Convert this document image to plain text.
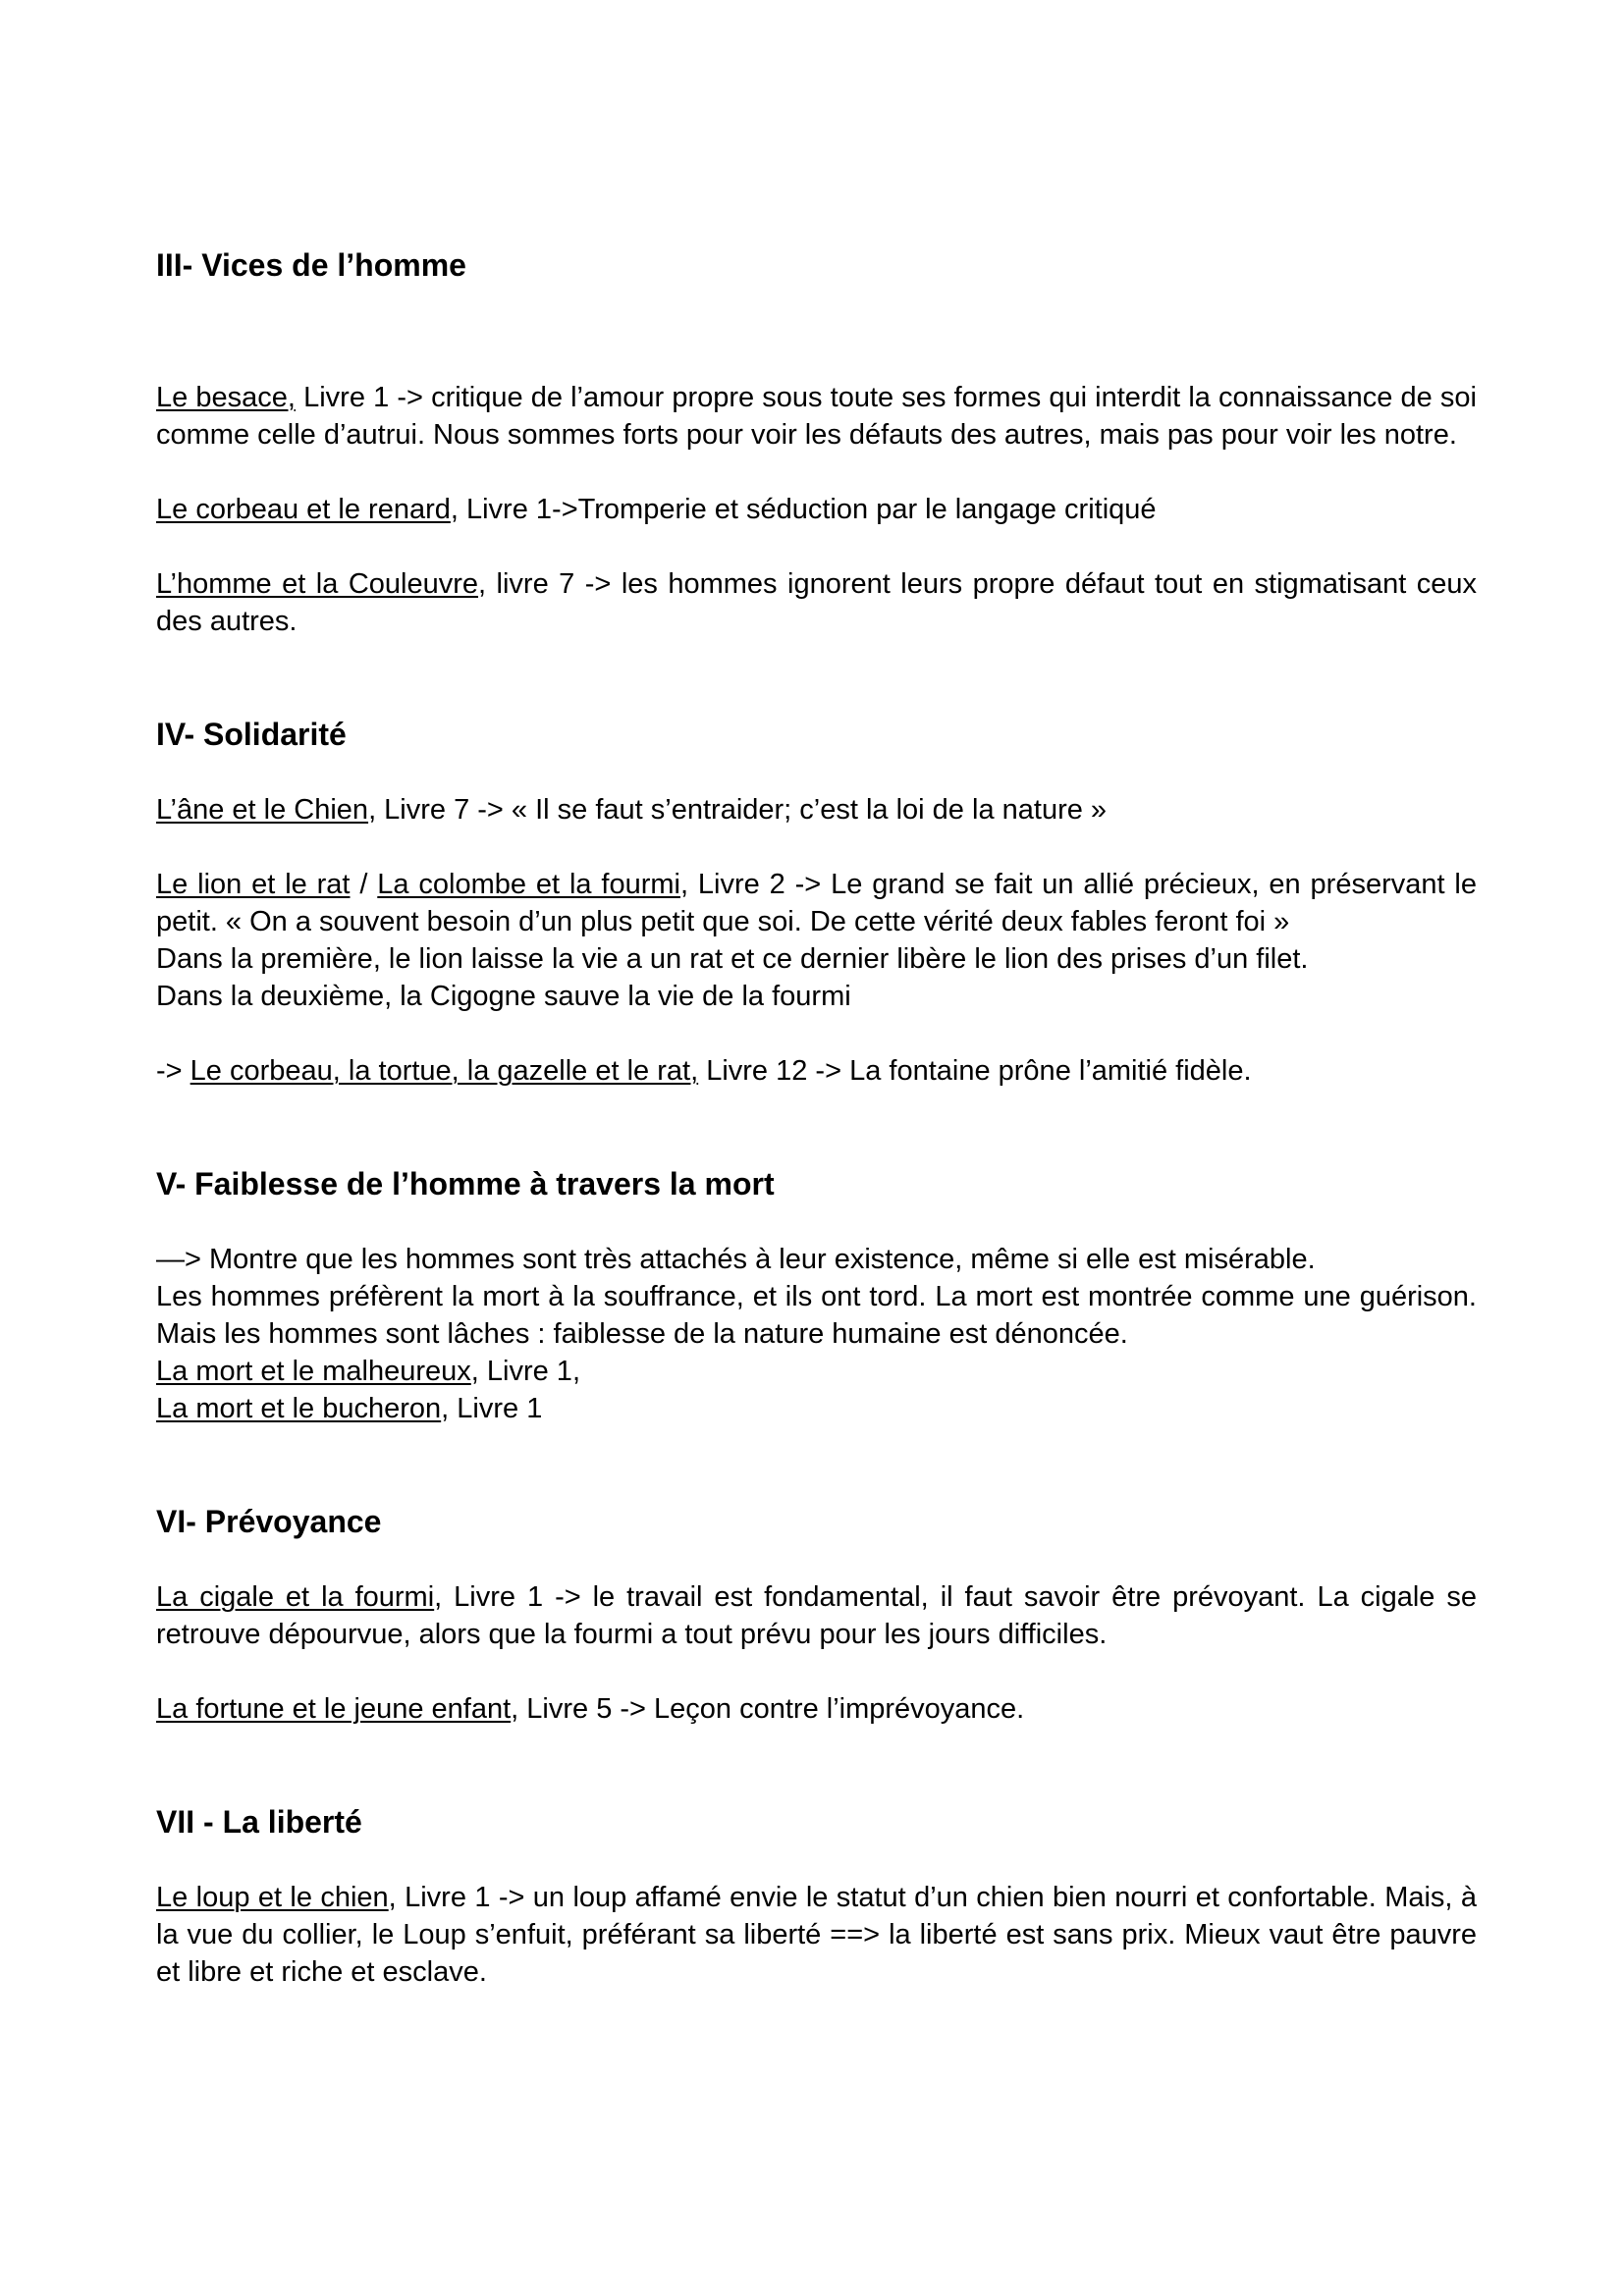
III- Vices de l’homme

Le besace, Livre 1 -> critique de l’amour propre sous toute ses formes qui interdit la connaissance de soi comme celle d’autrui. Nous sommes forts pour voir les défauts des autres, mais pas pour voir les notre.

Le corbeau et le renard, Livre 1->Tromperie et séduction par le langage critiqué

L’homme et la Couleuvre, livre 7 -> les hommes ignorent leurs propre défaut tout en stigmatisant ceux des autres.

IV- Solidarité

L’âne et le Chien, Livre 7 -> « Il se faut s’entraider; c’est la loi de la nature »

Le lion et le rat / La colombe et la fourmi, Livre 2 -> Le grand se fait un allié précieux, en préservant le petit. « On a souvent besoin d’un plus petit que soi. De cette vérité deux fables feront foi »

Dans la première, le lion laisse la vie a un rat et ce dernier libère le lion des prises d’un filet.

Dans la deuxième, la Cigogne sauve la vie de la fourmi

-> Le corbeau, la tortue, la gazelle et le rat, Livre 12 -> La fontaine prône l’amitié fidèle.

V- Faiblesse de l’homme à travers la mort

—> Montre que les hommes sont très attachés à leur existence, même si elle est misérable.

Les hommes préfèrent la mort à la souffrance, et ils ont tord. La mort est montrée comme une guérison. Mais les hommes sont lâches : faiblesse de la nature humaine est dénoncée.

La mort et le malheureux, Livre 1,

La mort et le bucheron, Livre 1

VI- Prévoyance

La cigale et la fourmi, Livre 1 -> le travail est fondamental, il faut savoir être prévoyant. La cigale se retrouve dépourvue, alors que la fourmi a tout prévu pour les jours difficiles.

La fortune et le jeune enfant, Livre 5 -> Leçon contre l’imprévoyance.

VII - La liberté

Le loup et le chien, Livre 1 -> un loup affamé envie le statut d’un chien bien nourri et confortable. Mais, à la vue du collier, le Loup s’enfuit, préférant sa liberté ==> la liberté est sans prix. Mieux vaut être pauvre et libre et riche et esclave.
